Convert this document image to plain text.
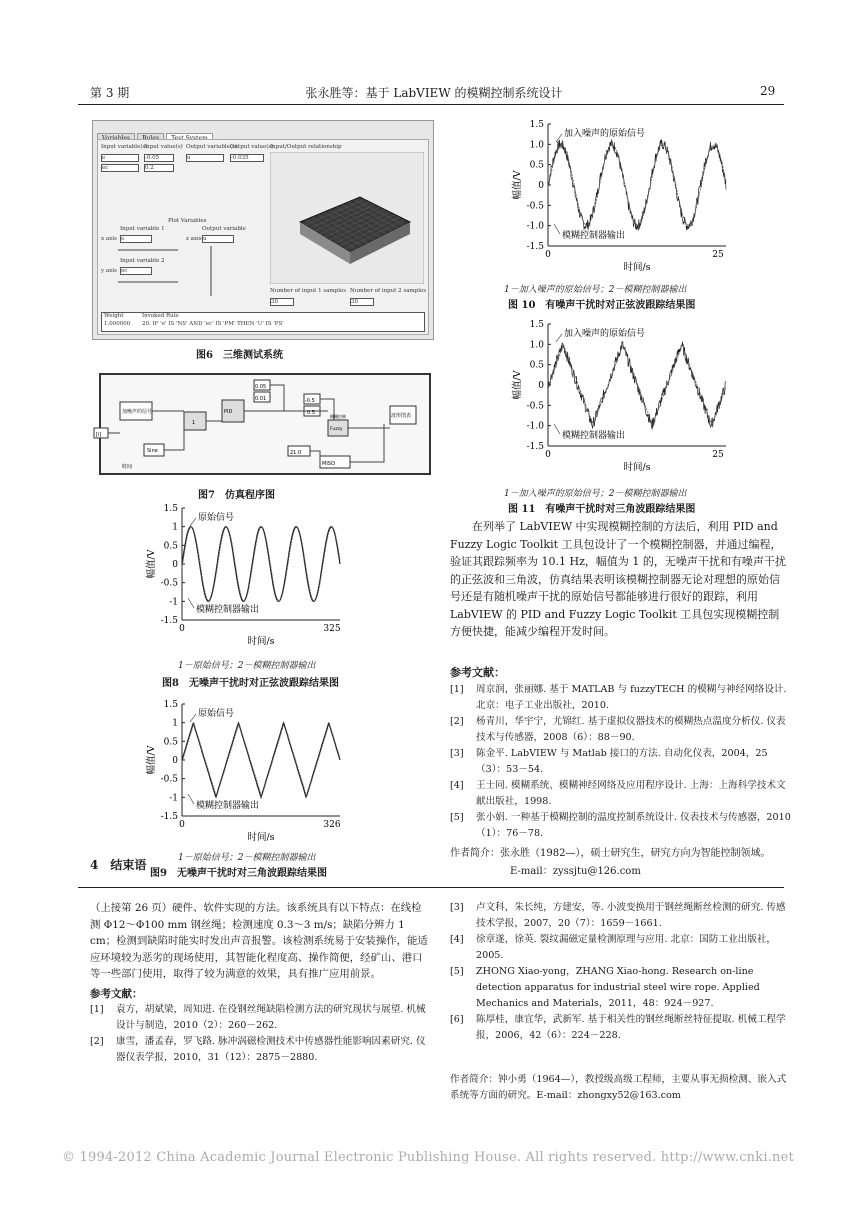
第 3 期	张永胜等：基于 LabVIEW 的模糊控制系统设计	29
Input variable(s)
Input value(s) Output variable(s)
Output value(s)
Input/Output relationship
e	-0.05
ec	0.2
u	-0.035
Plot Variables
Input variable 1	Output variable
x axis e	z axis u
Input variable 2
y axis ec
Number of input 1 samples Number of input 2 samples
30	30
Weight	Invoked Rule
1.000000 20. IF 'e' IS 'NS' AND 'ec' IS 'PM' THEN 'U' IS 'PS'
图6　三维测试系统
加噪声的信号
Sine
PID
Fuzzy
1
0.05
0.01	-0.5
0.5
21.0
MISO
模糊控制	波形图表
时间
[i]
图7　仿真程序图
1.5
1
0.5
0
-0.5
-1
-1.5
0	325
时间/s
幅值/V
原始信号
模糊控制器输出
1－原始信号；2－模糊控制器输出
图8　无噪声干扰时对正弦波跟踪结果图
1.5
1
0.5
0
-0.5
-1
-1.5
0	326
时间/s
幅值/V
原始信号
模糊控制器输出
1－原始信号；2－模糊控制器输出
图9　无噪声干扰时对三角波跟踪结果图
4　结束语
1.5
1.0
0.5
0
-0.5
-1.0
-1.5
0	25
时间/s
幅值/V
加入噪声的原始信号
模糊控制器输出
1－加入噪声的原始信号；2－模糊控制器输出
图 10　有噪声干扰时对正弦波跟踪结果图
1.5
1.0
0.5
0
-0.5
-1.0
-1.5
0	25
时间/s
幅值/V
加入噪声的原始信号
模糊控制器输出
1－加入噪声的原始信号；2－模糊控制器输出
图 11　有噪声干扰时对三角波跟踪结果图
在列举了 LabVIEW 中实现模糊控制的方法后，利用 PID and Fuzzy Logic Toolkit 工具包设计了一个模糊控制器，并通过编程，验证其跟踪频率为 10.1 Hz，幅值为 1 的，无噪声干扰和有噪声干扰的正弦波和三角波，仿真结果表明该模糊控制器无论对理想的原始信号还是有随机噪声干扰的原始信号都能够进行很好的跟踪，利用 LabVIEW 的 PID and Fuzzy Logic Toolkit 工具包实现模糊控制方便快捷，能减少编程开发时间。
参考文献：
[1]	周京润，张丽娜. 基于 MATLAB 与 fuzzyTECH 的模糊与神经网络设计. 北京：电子工业出版社，2010.
[2]	杨青川，华宇宁，尤锦红. 基于虚拟仪器技术的模糊热点温度分析仪. 仪表技术与传感器，2008（6）：88－90.
[3]	陈金平. LabVIEW 与 Matlab 接口的方法. 自动化仪表，2004，25（3）：53－54.
[4]	王士同. 模糊系统、模糊神经网络及应用程序设计. 上海：上海科学技术文献出版社，1998.
[5]	张小娟. 一种基于模糊控制的温度控制系统设计. 仪表技术与传感器，2010（1）：76－78.
作者简介：张永胜（1982—），硕士研究生，研究方向为智能控制领域。
E-mail：zyssjtu@126.com
（上接第 26 页）硬件、软件实现的方法。该系统具有以下特点：在线检测 Φ12～Φ100 mm 钢丝绳；检测速度 0.3～3 m/s；缺陷分辨力 1 cm；检测到缺陷时能实时发出声音报警。该检测系统易于安装操作，能适应环境较为恶劣的现场使用，其智能化程度高、操作简便，经矿山、港口等一些部门使用，取得了较为满意的效果，具有推广应用前景。
参考文献：
[1]	袁方，胡斌梁，周知进. 在役钢丝绳缺陷检测方法的研究现状与展望. 机械设计与制造，2010（2）：260－262.
[2]	康雪，潘孟春，罗飞路. 脉冲涡磁检测技术中传感器性能影响因素研究. 仪器仪表学报，2010，31（12）：2875－2880.
[3]	卢文科，朱长纯，方建安，等. 小波变换用于钢丝绳断丝检测的研究. 传感技术学报，2007，20（7）：1659－1661.
[4]	徐章遂，徐英. 裂纹漏磁定量检测原理与应用. 北京：国防工业出版社，2005.
[5]	ZHONG Xiao-yong，ZHANG Xiao-hong. Research on-line detection apparatus for industrial steel wire rope. Applied Mechanics and Materials，2011，48：924－927.
[6]	陈厚桂，康宜华，武新军. 基于相关性的钢丝绳断丝特征提取. 机械工程学报，2006，42（6）：224－228.
作者简介：钟小勇（1964—），教授级高级工程师，主要从事无损检测、嵌入式系统等方面的研究。E-mail：zhongxy52@163.com
© 1994-2012 China Academic Journal Electronic Publishing House. All rights reserved. http://www.cnki.net
